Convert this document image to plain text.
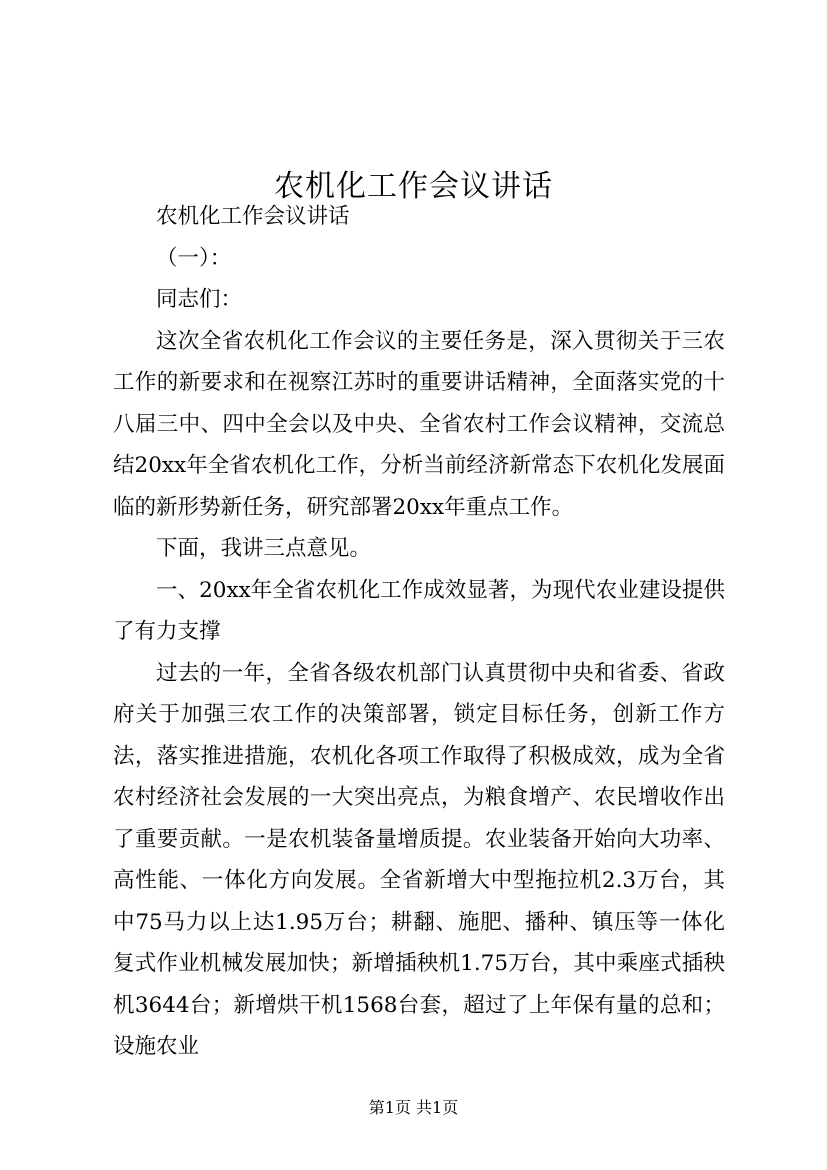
农机化工作会议讲话

农机化工作会议讲话

（一）：

同志们：

这次全省农机化工作会议的主要任务是，深入贯彻关于三农工作的新要求和在视察江苏时的重要讲话精神，全面落实党的十八届三中、四中全会以及中央、全省农村工作会议精神，交流总结20xx年全省农机化工作，分析当前经济新常态下农机化发展面临的新形势新任务，研究部署20xx年重点工作。

下面，我讲三点意见。

一、20xx年全省农机化工作成效显著，为现代农业建设提供了有力支撑

过去的一年，全省各级农机部门认真贯彻中央和省委、省政府关于加强三农工作的决策部署，锁定目标任务，创新工作方法，落实推进措施，农机化各项工作取得了积极成效，成为全省农村经济社会发展的一大突出亮点，为粮食增产、农民增收作出了重要贡献。一是农机装备量增质提。农业装备开始向大功率、高性能、一体化方向发展。全省新增大中型拖拉机2.3万台，其中75马力以上达1.95万台；耕翻、施肥、播种、镇压等一体化复式作业机械发展加快；新增插秧机1.75万台，其中乘座式插秧机3644台；新增烘干机1568台套，超过了上年保有量的总和；设施农业

第1页 共1页
